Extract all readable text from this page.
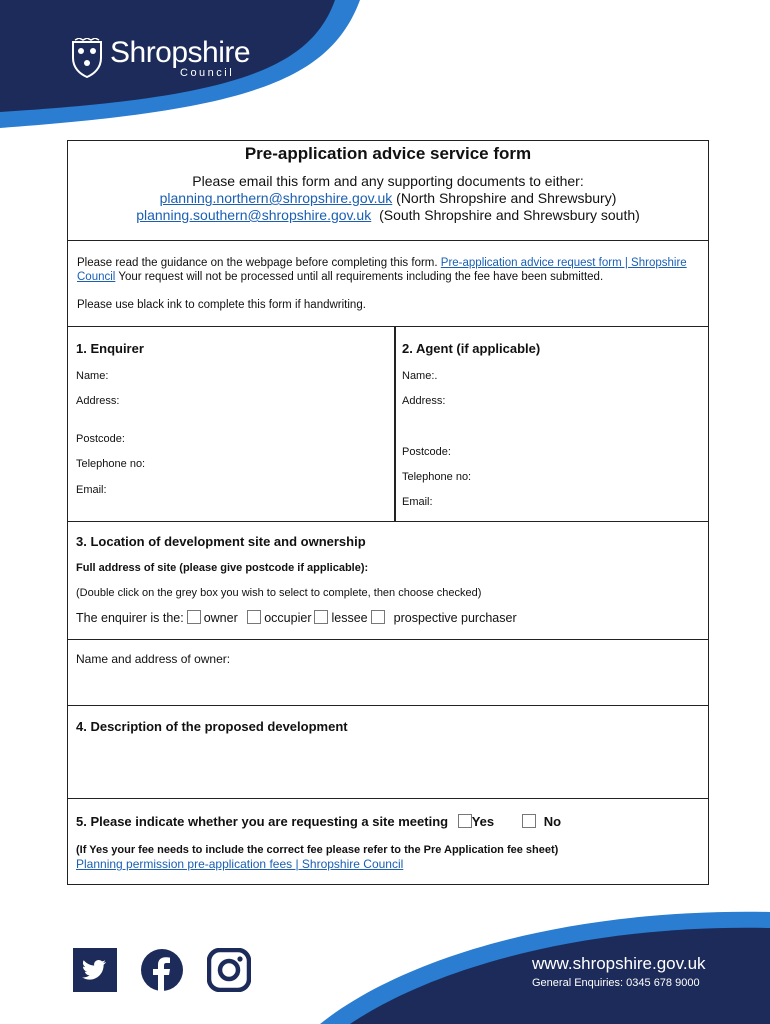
Shropshire
Council
Pre-application advice service form
Please email this form and any supporting documents to either:
planning.northern@shropshire.gov.uk (North Shropshire and Shrewsbury)
planning.southern@shropshire.gov.uk (South Shropshire and Shrewsbury south)
Please read the guidance on the webpage before completing this form. Pre-application advice request form | Shropshire Council Your request will not be processed until all requirements including the fee have been submitted.
Please use black ink to complete this form if handwriting.
1. Enquirer
Name:
Address:
Postcode:
Telephone no:
Email:
2. Agent (if applicable)
Name:.
Address:
Postcode:
Telephone no:
Email:
3. Location of development site and ownership
Full address of site (please give postcode if applicable):
(Double click on the grey box you wish to select to complete, then choose checked)
The enquirer is the: owner occupier lessee prospective purchaser
Name and address of owner:
4. Description of the proposed development
5. Please indicate whether you are requesting a site meeting Yes	No
(If Yes your fee needs to include the correct fee please refer to the Pre Application fee sheet)
Planning permission pre-application fees | Shropshire Council
www.shropshire.gov.uk
General Enquiries: 0345 678 9000
